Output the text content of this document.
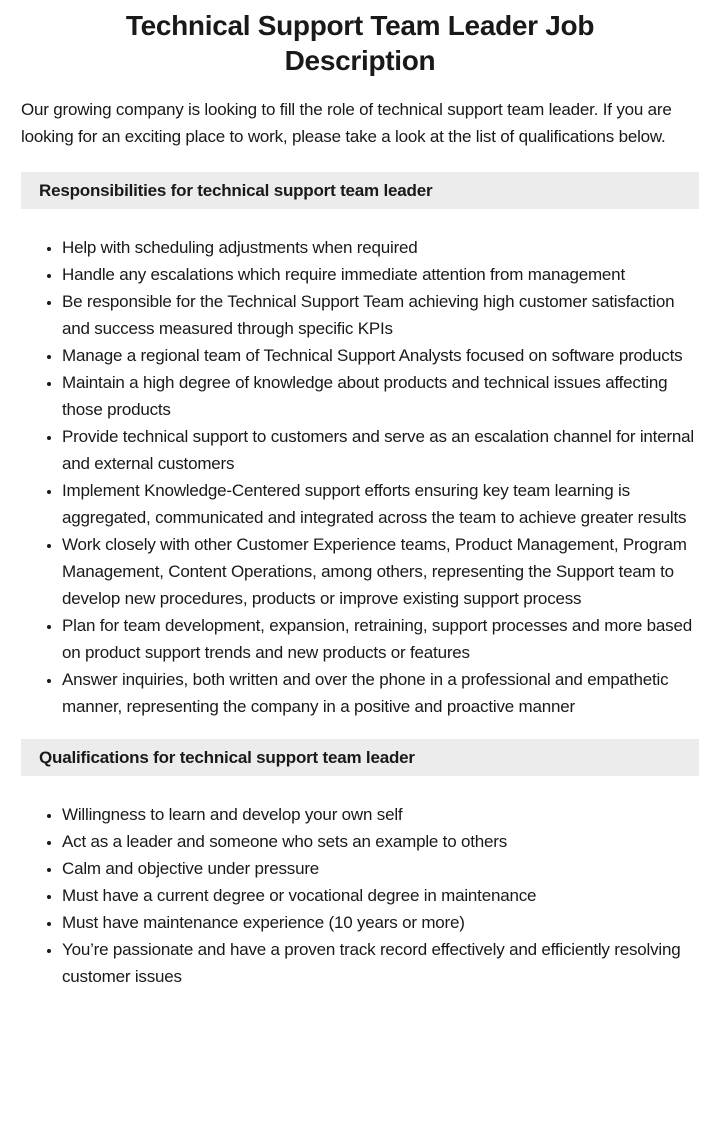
Technical Support Team Leader Job Description

Our growing company is looking to fill the role of technical support team leader. If you are looking for an exciting place to work, please take a look at the list of qualifications below.

Responsibilities for technical support team leader
• Help with scheduling adjustments when required
• Handle any escalations which require immediate attention from management
• Be responsible for the Technical Support Team achieving high customer satisfaction and success measured through specific KPIs
• Manage a regional team of Technical Support Analysts focused on software products
• Maintain a high degree of knowledge about products and technical issues affecting those products
• Provide technical support to customers and serve as an escalation channel for internal and external customers
• Implement Knowledge-Centered support efforts ensuring key team learning is aggregated, communicated and integrated across the team to achieve greater results
• Work closely with other Customer Experience teams, Product Management, Program Management, Content Operations, among others, representing the Support team to develop new procedures, products or improve existing support process
• Plan for team development, expansion, retraining, support processes and more based on product support trends and new products or features
• Answer inquiries, both written and over the phone in a professional and empathetic manner, representing the company in a positive and proactive manner
Qualifications for technical support team leader
• Willingness to learn and develop your own self
• Act as a leader and someone who sets an example to others
• Calm and objective under pressure
• Must have a current degree or vocational degree in maintenance
• Must have maintenance experience (10 years or more)
• You’re passionate and have a proven track record effectively and efficiently resolving customer issues
